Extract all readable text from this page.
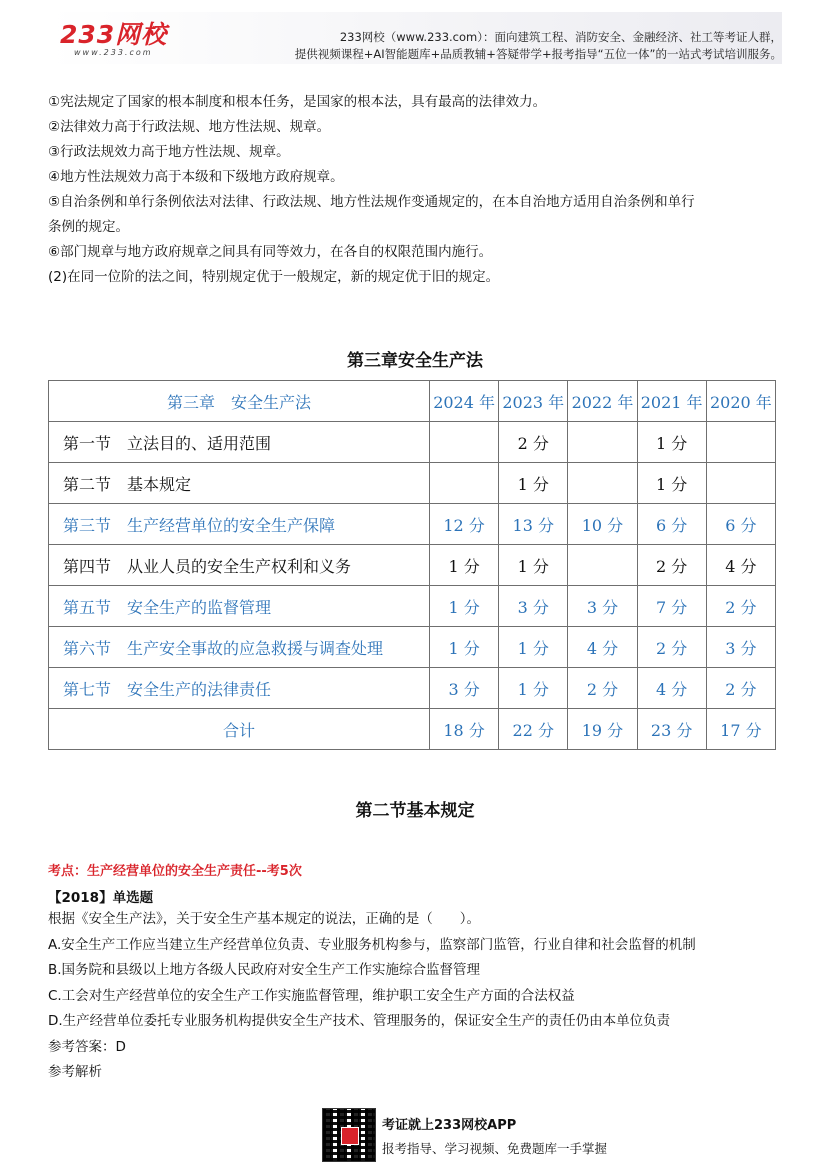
233网校
www.233.com
233网校（www.233.com）：面向建筑工程、消防安全、金融经济、社工等考证人群，
提供视频课程+AI智能题库+品质教辅+答疑带学+报考指导“五位一体”的一站式考试培训服务。
①宪法规定了国家的根本制度和根本任务，是国家的根本法，具有最高的法律效力。
②法律效力高于行政法规、地方性法规、规章。
③行政法规效力高于地方性法规、规章。
④地方性法规效力高于本级和下级地方政府规章。
⑤自治条例和单行条例依法对法律、行政法规、地方性法规作变通规定的，在本自治地方适用自治条例和单行
条例的规定。
⑥部门规章与地方政府规章之间具有同等效力，在各自的权限范围内施行。
(2)在同一位阶的法之间，特别规定优于一般规定，新的规定优于旧的规定。
第三章安全生产法
第三章　安全生产法	2024 年	2023 年	2022 年	2021 年	2020 年
第一节　立法目的、适用范围		2 分		1 分	
第二节　基本规定		1 分		1 分	
第三节　生产经营单位的安全生产保障	12 分	13 分	10 分	6 分	6 分
第四节　从业人员的安全生产权利和义务	1 分	1 分		2 分	4 分
第五节　安全生产的监督管理	1 分	3 分	3 分	7 分	2 分
第六节　生产安全事故的应急救援与调查处理	1 分	1 分	4 分	2 分	3 分
第七节　安全生产的法律责任	3 分	1 分	2 分	4 分	2 分
合计	18 分	22 分	19 分	23 分	17 分
第二节基本规定
考点：生产经营单位的安全生产责任--考5次
【2018】单选题
根据《安全生产法》，关于安全生产基本规定的说法，正确的是（　　）。
A.安全生产工作应当建立生产经营单位负责、专业服务机构参与，监察部门监管，行业自律和社会监督的机制
B.国务院和县级以上地方各级人民政府对安全生产工作实施综合监督管理
C.工会对生产经营单位的安全生产工作实施监督管理，维护职工安全生产方面的合法权益
D.生产经营单位委托专业服务机构提供安全生产技术、管理服务的，保证安全生产的责任仍由本单位负责
参考答案：D
参考解析
考证就上233网校APP
报考指导、学习视频、免费题库一手掌握
